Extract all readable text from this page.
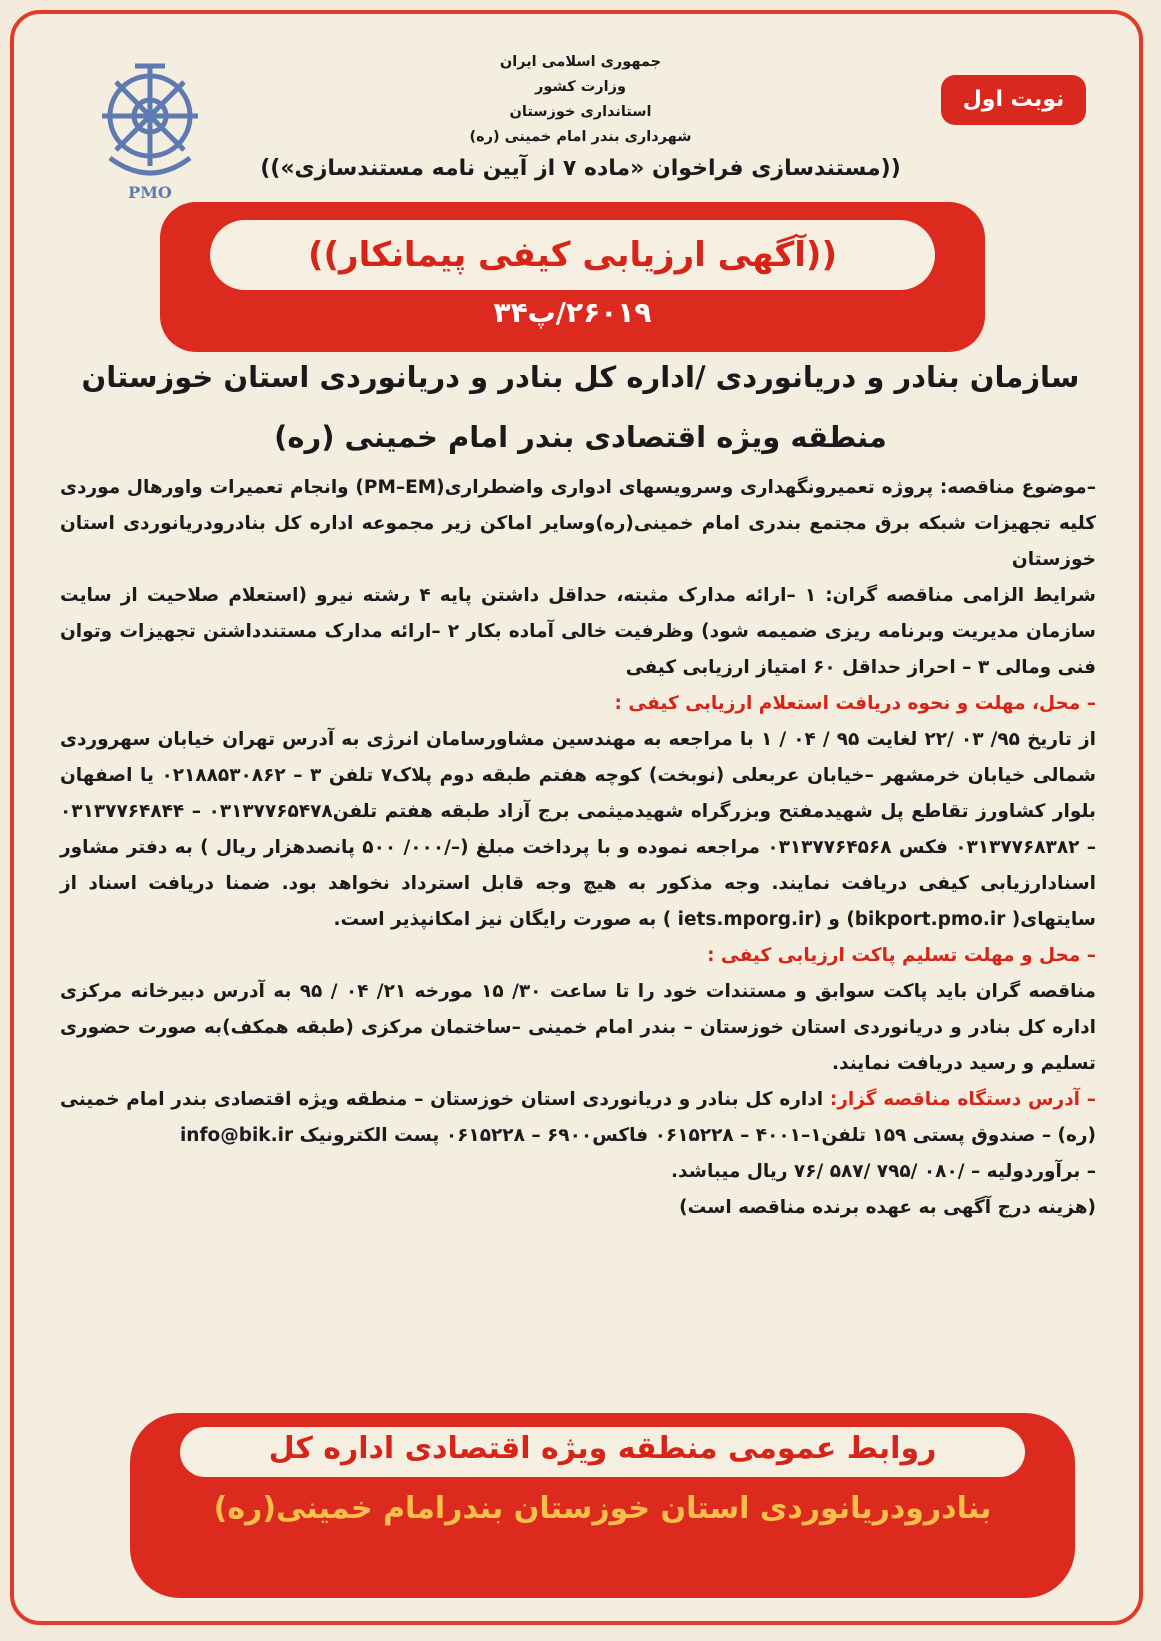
PMO
نوبت اول
جمهوری اسلامی ایران
وزارت کشور
استانداری خوزستان
شهرداری بندر امام خمینی (ره)
((مستندسازی فراخوان «ماده ۷ از آیین نامه مستندسازی»))
((آگهی ارزیابی کیفی پیمانکار))
۲۶۰۱۹/پ۳۴
سازمان بنادر و دریانوردی /اداره کل بنادر و دریانوردی استان خوزستان
منطقه ویژه اقتصادی بندر امام خمینی (ره)

–موضوع مناقصه: پروژه تعمیرونگهداری وسرویسهای ادواری واضطراری(PM–EM) وانجام تعمیرات واورهال موردی کلیه تجهیزات شبکه برق مجتمع بندری امام خمینی(ره)وسایر اماکن زیر مجموعه اداره کل بنادرودریانوردی استان خوزستان

شرایط الزامی مناقصه گران: ۱ –ارائه مدارک مثبته، حداقل داشتن پایه ۴ رشته نیرو (استعلام صلاحیت از سایت سازمان مدیریت وبرنامه ریزی ضمیمه شود) وظرفیت خالی آماده بکار ۲ –ارائه مدارک مستندداشتن تجهیزات وتوان فنی ومالی ۳ – احراز حداقل ۶۰ امتیاز ارزیابی کیفی

– محل، مهلت و نحوه دریافت استعلام ارزیابی کیفی :

از تاریخ ۹۵/ ۰۳ /۲۲ لغایت ۹۵ / ۰۴ / ۱ با مراجعه به مهندسین مشاورسامان انرژی به آدرس تهران خیابان سهروردی شمالی خیابان خرمشهر –خیابان عربعلی (نوبخت) کوچه هفتم طبقه دوم پلاک۷ تلفن ۳ – ۰۲۱۸۸۵۳۰۸۶۲ یا اصفهان بلوار کشاورز تقاطع پل شهیدمفتح وبزرگراه شهیدمیثمی برج آزاد طبقه هفتم تلفن۰۳۱۳۷۷۶۵۴۷۸ – ۰۳۱۳۷۷۶۴۸۴۴ – ۰۳۱۳۷۷۶۸۳۸۲ فکس ۰۳۱۳۷۷۶۴۵۶۸ مراجعه نموده و با پرداخت مبلغ (–/۰۰۰/ ۵۰۰ پانصدهزار ریال ) به دفتر مشاور اسنادارزیابی کیفی دریافت نمایند. وجه مذکور به هیچ وجه قابل استرداد نخواهد بود. ضمنا دریافت اسناد از سایتهای( bikport.pmo.ir) و (iets.mporg.ir ) به صورت رایگان نیز امکانپذیر است.

– محل و مهلت تسلیم پاکت ارزیابی کیفی :

مناقصه گران باید پاکت سوابق و مستندات خود را تا ساعت ۳۰/ ۱۵ مورخه ۲۱/ ۰۴ / ۹۵ به آدرس دبیرخانه مرکزی اداره کل بنادر و دریانوردی استان خوزستان – بندر امام خمینی –ساختمان مرکزی (طبقه همکف)به صورت حضوری تسلیم و رسید دریافت نمایند.

– آدرس دستگاه مناقصه گزار: اداره کل بنادر و دریانوردی استان خوزستان – منطقه ویژه اقتصادی بندر امام خمینی (ره) – صندوق پستی ۱۵۹ تلفن۱–۴۰۰۱ – ۰۶۱۵۲۲۸ فاکس۶۹۰۰ – ۰۶۱۵۲۲۸ پست الکترونیک info@bik.ir

– برآوردولیه – /۰۸۰ /۷۹۵ /۵۸۷ /۷۶ ریال میباشد.

(هزینه درج آگهی به عهده برنده مناقصه است)

روابط عمومی منطقه ویژه اقتصادی اداره کل
بنادرودریانوردی استان خوزستان بندرامام خمینی(ره)
